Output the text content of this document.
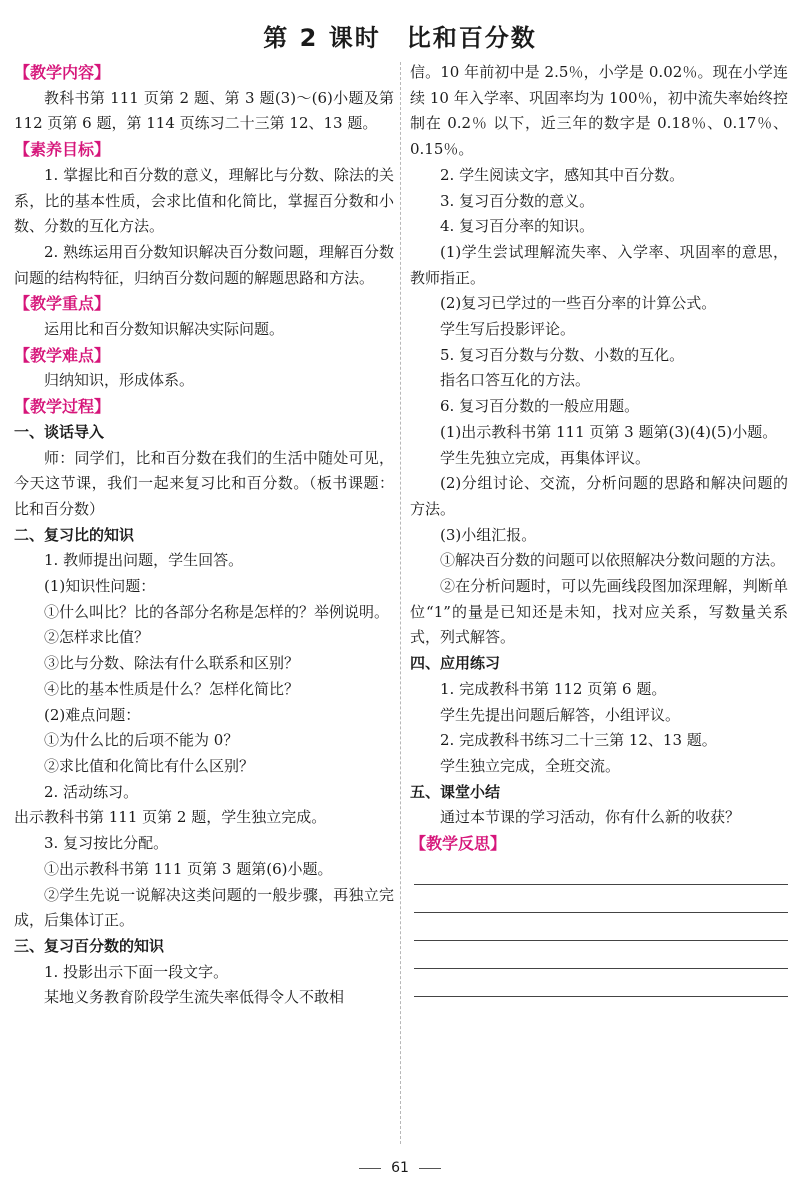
第 2 课时 比和百分数
【教学内容】
教科书第 111 页第 2 题、第 3 题(3)～(6)小题及第 112 页第 6 题，第 114 页练习二十三第 12、13 题。
【素养目标】
1. 掌握比和百分数的意义，理解比与分数、除法的关系，比的基本性质，会求比值和化简比，掌握百分数和小数、分数的互化方法。
2. 熟练运用百分数知识解决百分数问题，理解百分数问题的结构特征，归纳百分数问题的解题思路和方法。
【教学重点】
运用比和百分数知识解决实际问题。
【教学难点】
归纳知识，形成体系。
【教学过程】
一、谈话导入
师：同学们，比和百分数在我们的生活中随处可见，今天这节课，我们一起来复习比和百分数。（板书课题：比和百分数）
二、复习比的知识
1. 教师提出问题，学生回答。
(1)知识性问题：
①什么叫比？比的各部分名称是怎样的？举例说明。
②怎样求比值？
③比与分数、除法有什么联系和区别？
④比的基本性质是什么？怎样化简比？
(2)难点问题：
①为什么比的后项不能为 0？
②求比值和化简比有什么区别？
2. 活动练习。
出示教科书第 111 页第 2 题，学生独立完成。
3. 复习按比分配。
①出示教科书第 111 页第 3 题第(6)小题。
②学生先说一说解决这类问题的一般步骤，再独立完成，后集体订正。
三、复习百分数的知识
1. 投影出示下面一段文字。
某地义务教育阶段学生流失率低得令人不敢相
信。10 年前初中是 2.5％，小学是 0.02％。现在小学连续 10 年入学率、巩固率均为 100％，初中流失率始终控制在 0.2％ 以下，近三年的数字是 0.18％、0.17％、0.15％。
2. 学生阅读文字，感知其中百分数。
3. 复习百分数的意义。
4. 复习百分率的知识。
(1)学生尝试理解流失率、入学率、巩固率的意思，教师指正。
(2)复习已学过的一些百分率的计算公式。
学生写后投影评论。
5. 复习百分数与分数、小数的互化。
指名口答互化的方法。
6. 复习百分数的一般应用题。
(1)出示教科书第 111 页第 3 题第(3)(4)(5)小题。
学生先独立完成，再集体评议。
(2)分组讨论、交流，分析问题的思路和解决问题的方法。
(3)小组汇报。
①解决百分数的问题可以依照解决分数问题的方法。
②在分析问题时，可以先画线段图加深理解，判断单位“1”的量是已知还是未知，找对应关系，写数量关系式，列式解答。
四、应用练习
1. 完成教科书第 112 页第 6 题。
学生先提出问题后解答，小组评议。
2. 完成教科书练习二十三第 12、13 题。
学生独立完成，全班交流。
五、课堂小结
通过本节课的学习活动，你有什么新的收获？
【教学反思】
61
